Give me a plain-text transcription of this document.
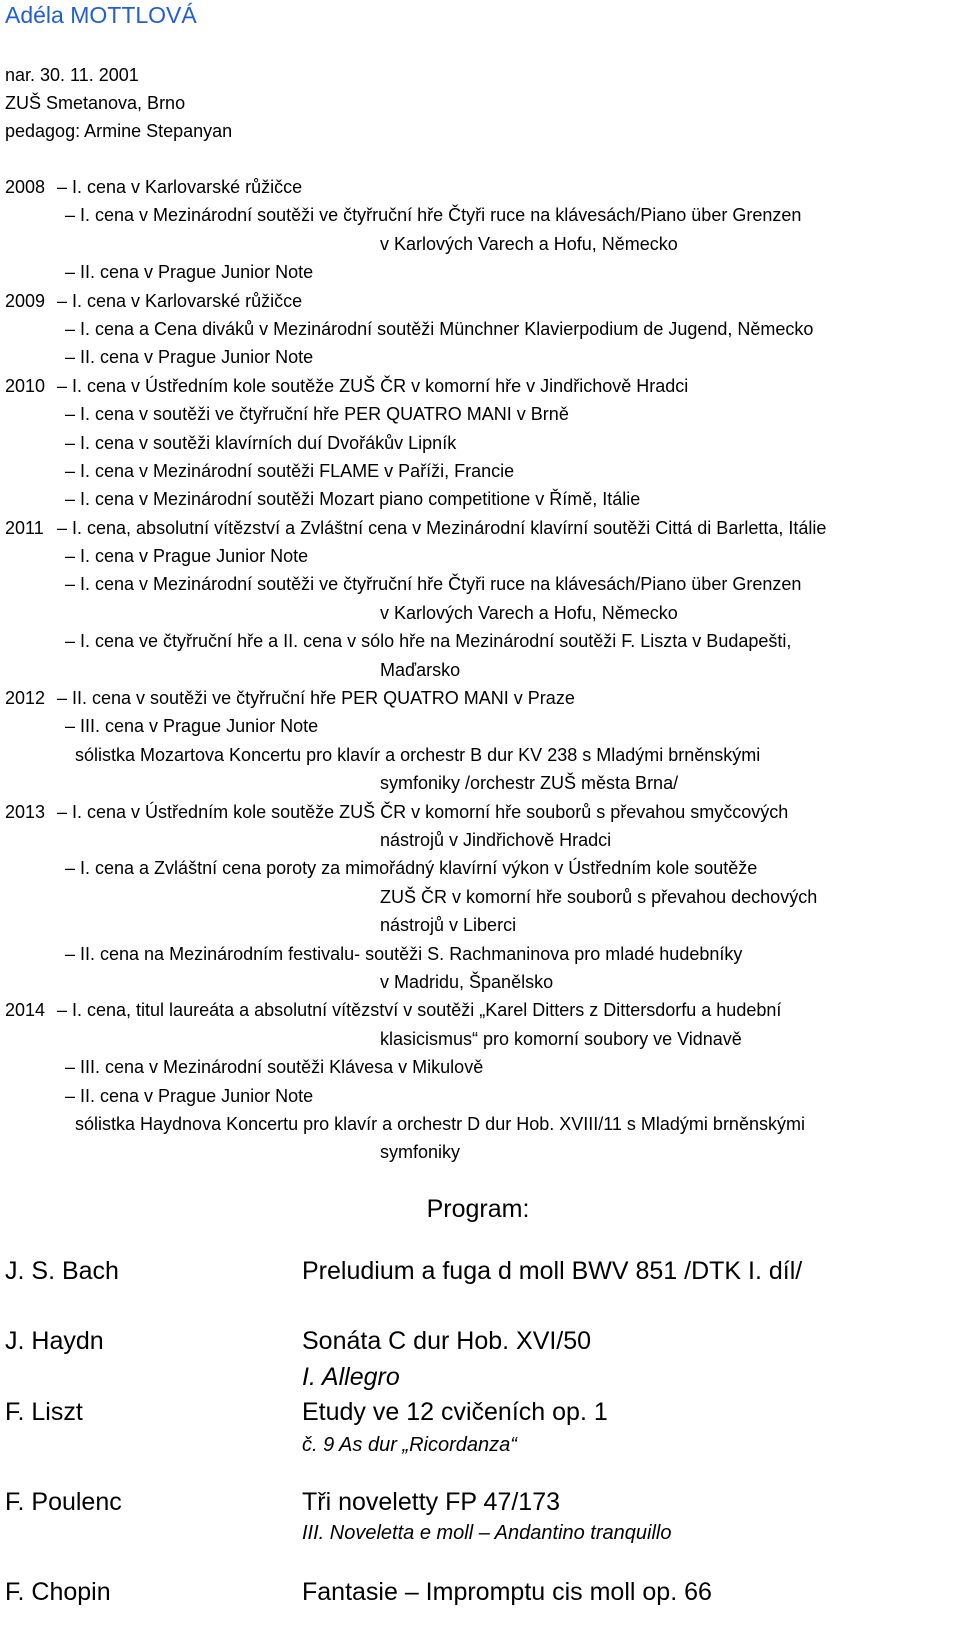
Adéla MOTTLOVÁ
nar. 30. 11. 2001
ZUŠ Smetanova, Brno
pedagog: Armine Stepanyan
2008 – I. cena v Karlovarské růžičce
– I. cena v Mezinárodní soutěži ve čtyřruční hře Čtyři ruce na klávesách/Piano über Grenzen
v Karlových Varech a Hofu, Německo
– II. cena v Prague Junior Note
2009 – I. cena v Karlovarské růžičce
– I. cena a Cena diváků v Mezinárodní soutěži Münchner Klavierpodium de Jugend, Německo
– II. cena v Prague Junior Note
2010 – I. cena v Ústředním kole soutěže ZUŠ ČR v komorní hře v Jindřichově Hradci
– I. cena v soutěži ve čtyřruční hře PER QUATRO MANI v Brně
– I. cena v soutěži klavírních duí Dvořákův Lipník
– I. cena v Mezinárodní soutěži FLAME v Paříži, Francie
– I. cena v Mezinárodní soutěži Mozart piano competitione v Římě, Itálie
2011 – I. cena, absolutní vítězství a Zvláštní cena v Mezinárodní klavírní soutěži Cittá di Barletta, Itálie
– I. cena v Prague Junior Note
– I. cena v Mezinárodní soutěži ve čtyřruční hře Čtyři ruce na klávesách/Piano über Grenzen
v Karlových Varech a Hofu, Německo
– I. cena ve čtyřruční hře a II. cena v sólo hře na Mezinárodní soutěži F. Liszta v Budapešti,
Maďarsko
2012 – II. cena v soutěži ve čtyřruční hře PER QUATRO MANI v Praze
– III. cena v Prague Junior Note
sólistka Mozartova Koncertu pro klavír a orchestr B dur KV 238 s Mladými brněnskými
symfoniky /orchestr ZUŠ města Brna/
2013 – I. cena v Ústředním kole soutěže ZUŠ ČR v komorní hře souborů s převahou smyčcových
nástrojů v Jindřichově Hradci
– I. cena a Zvláštní cena poroty za mimořádný klavírní výkon v Ústředním kole soutěže
ZUŠ ČR v komorní hře souborů s převahou dechových
nástrojů v Liberci
– II. cena na Mezinárodním festivalu- soutěži S. Rachmaninova pro mladé hudebníky
v Madridu, Španělsko
2014 – I. cena, titul laureáta a absolutní vítězství v soutěži „Karel Ditters z Dittersdorfu a hudební
klasicismus“ pro komorní soubory ve Vidnavě
– III. cena v Mezinárodní soutěži Klávesa v Mikulově
– II. cena v Prague Junior Note
sólistka Haydnova Koncertu pro klavír a orchestr D dur Hob. XVIII/11 s Mladými brněnskými
symfoniky
Program:
J. S. Bach	Preludium a fuga d moll BWV 851 /DTK I. díl/
J. Haydn	Sonáta C dur Hob. XVI/50
I. Allegro
F. Liszt	Etudy ve 12 cvičeních op. 1
č. 9 As dur „Ricordanza“
F. Poulenc	Tři noveletty FP 47/173
III. Noveletta e moll – Andantino tranquillo
F. Chopin	Fantasie – Impromptu cis moll op. 66
